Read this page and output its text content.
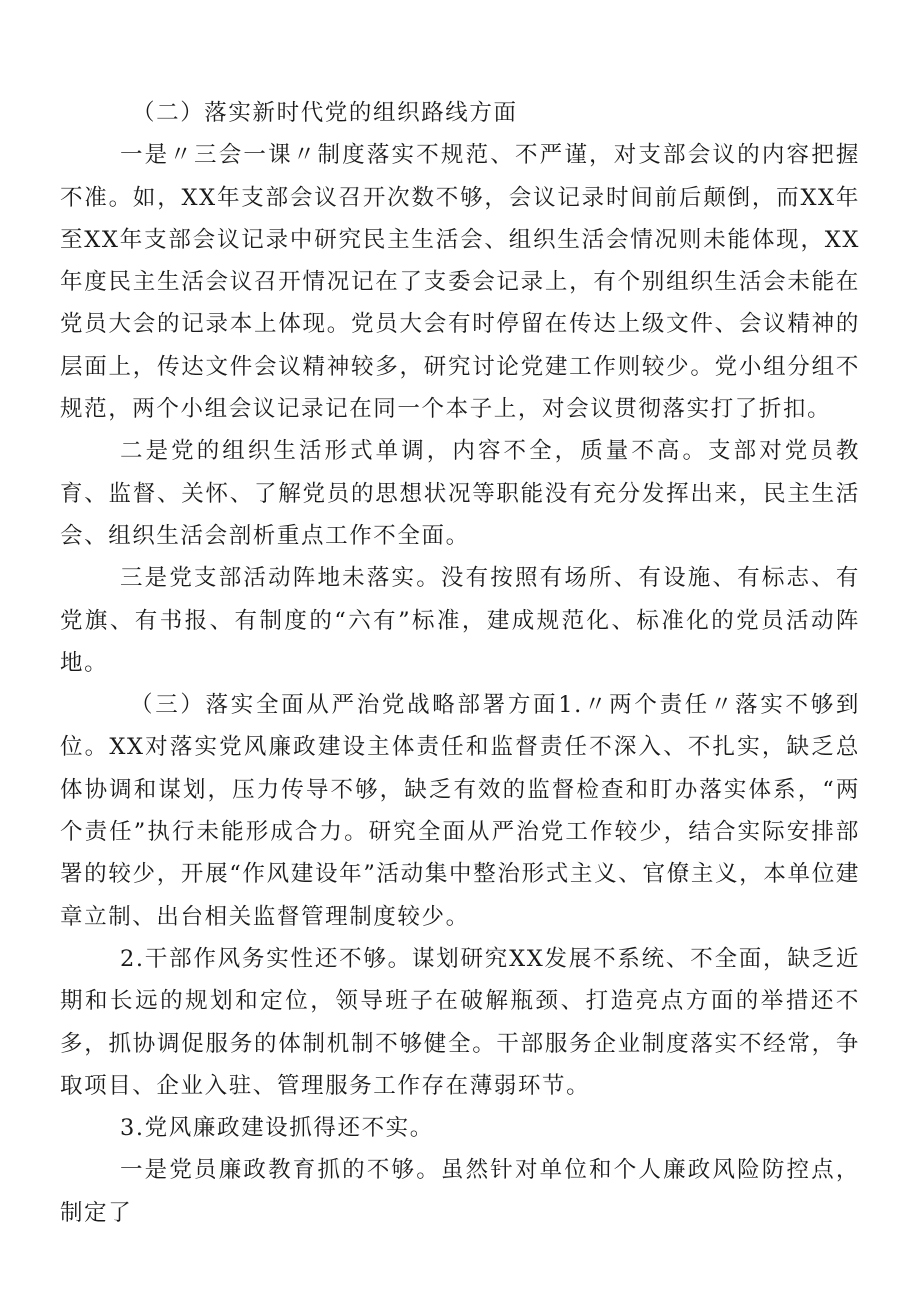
（二）落实新时代党的组织路线方面

一是〃三会一课〃制度落实不规范、不严谨，对支部会议的内容把握不准。如，XX年支部会议召开次数不够，会议记录时间前后颠倒，而XX年至XX年支部会议记录中研究民主生活会、组织生活会情况则未能体现，XX年度民主生活会议召开情况记在了支委会记录上，有个别组织生活会未能在党员大会的记录本上体现。党员大会有时停留在传达上级文件、会议精神的层面上，传达文件会议精神较多，研究讨论党建工作则较少。党小组分组不规范，两个小组会议记录记在同一个本子上，对会议贯彻落实打了折扣。

二是党的组织生活形式单调，内容不全，质量不高。支部对党员教育、监督、关怀、了解党员的思想状况等职能没有充分发挥出来，民主生活会、组织生活会剖析重点工作不全面。

三是党支部活动阵地未落实。没有按照有场所、有设施、有标志、有党旗、有书报、有制度的“六有”标准，建成规范化、标准化的党员活动阵地。

（三）落实全面从严治党战略部署方面1.〃两个责任〃落实不够到位。XX对落实党风廉政建设主体责任和监督责任不深入、不扎实，缺乏总体协调和谋划，压力传导不够，缺乏有效的监督检查和盯办落实体系，“两个责任”执行未能形成合力。研究全面从严治党工作较少，结合实际安排部署的较少，开展“作风建设年”活动集中整治形式主义、官僚主义，本单位建章立制、出台相关监督管理制度较少。

2.干部作风务实性还不够。谋划研究XX发展不系统、不全面，缺乏近期和长远的规划和定位，领导班子在破解瓶颈、打造亮点方面的举措还不多，抓协调促服务的体制机制不够健全。干部服务企业制度落实不经常，争取项目、企业入驻、管理服务工作存在薄弱环节。

3.党风廉政建设抓得还不实。

一是党员廉政教育抓的不够。虽然针对单位和个人廉政风险防控点，制定了
